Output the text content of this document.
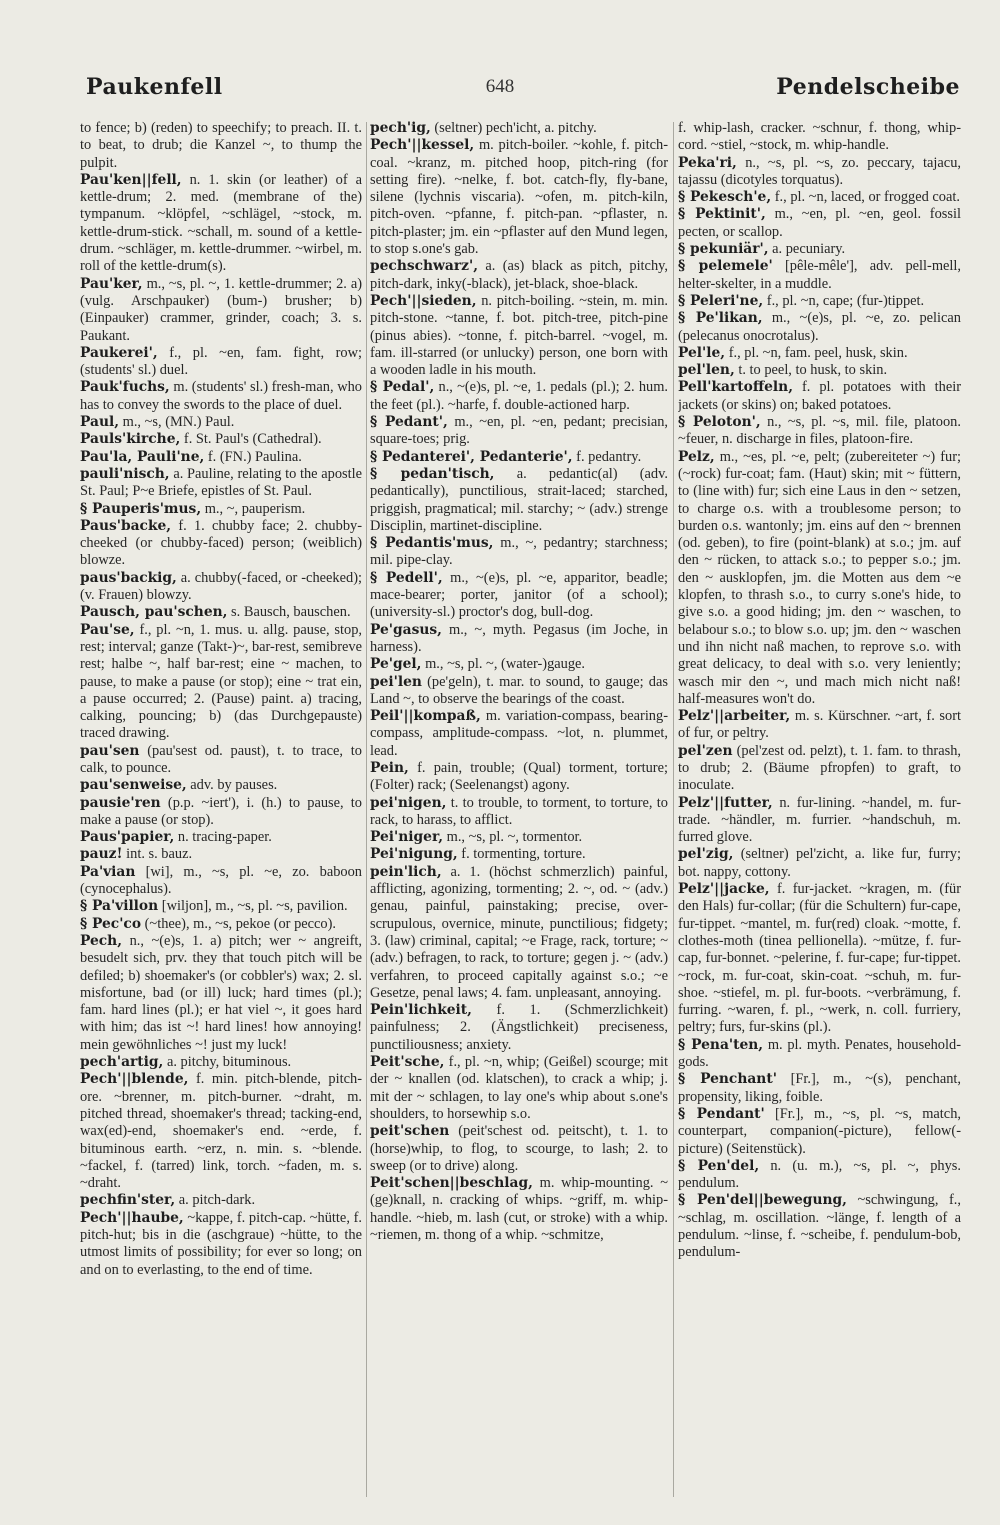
Paukenfell	648	Pendelscheibe

to fence; b) (reden) to speechify; to preach. II. t. to beat, to drub; die Kanzel ~, to thump the pulpit.

Pau'ken||fell, n. 1. skin (or leather) of a kettle-drum; 2. med. (membrane of the) tympanum. ~klöpfel, ~schlägel, ~stock, m. kettle-drum-stick. ~schall, m. sound of a kettle-drum. ~schläger, m. kettle-drummer. ~wirbel, m. roll of the kettle-drum(s).

Pau'ker, m., ~s, pl. ~, 1. kettle-drummer; 2. a) (vulg. Arschpauker) (bum-) brusher; b) (Einpauker) crammer, grinder, coach; 3. s. Paukant.

Paukerei', f., pl. ~en, fam. fight, row; (students' sl.) duel.

Pauk'fuchs, m. (students' sl.) fresh-man, who has to convey the swords to the place of duel.

Paul, m., ~s, (MN.) Paul.

Pauls'kirche, f. St. Paul's (Cathedral).

Pau'la, Pauli'ne, f. (FN.) Paulina.

pauli'nisch, a. Pauline, relating to the apostle St. Paul; P~e Briefe, epistles of St. Paul.

§ Pauperis'mus, m., ~, pauperism.

Paus'backe, f. 1. chubby face; 2. chubby-cheeked (or chubby-faced) person; (weiblich) blowze.

paus'backig, a. chubby(-faced, or -cheeked); (v. Frauen) blowzy.

Pausch, pau'schen, s. Bausch, bauschen.

Pau'se, f., pl. ~n, 1. mus. u. allg. pause, stop, rest; interval; ganze (Takt-)~, bar-rest, semibreve rest; halbe ~, half bar-rest; eine ~ machen, to pause, to make a pause (or stop); eine ~ trat ein, a pause occurred; 2. (Pause) paint. a) tracing, calking, pouncing; b) (das Durchgepauste) traced drawing.

pau'sen (pau'sest od. paust), t. to trace, to calk, to pounce.

pau'senweise, adv. by pauses.

pausie'ren (p.p. ~iert'), i. (h.) to pause, to make a pause (or stop).

Paus'papier, n. tracing-paper.

pauz! int. s. bauz.

Pa'vian [wi], m., ~s, pl. ~e, zo. baboon (cynocephalus).

§ Pa'villon [wiljon], m., ~s, pl. ~s, pavilion.

§ Pec'co (~thee), m., ~s, pekoe (or pecco).

Pech, n., ~(e)s, 1. a) pitch; wer ~ angreift, besudelt sich, prv. they that touch pitch will be defiled; b) shoemaker's (or cobbler's) wax; 2. sl. misfortune, bad (or ill) luck; hard times (pl.); fam. hard lines (pl.); er hat viel ~, it goes hard with him; das ist ~! hard lines! how annoying! mein gewöhnliches ~! just my luck!

pech'artig, a. pitchy, bituminous.

Pech'||blende, f. min. pitch-blende, pitch-ore. ~brenner, m. pitch-burner. ~draht, m. pitched thread, shoemaker's thread; tacking-end, wax(ed)-end, shoemaker's end. ~erde, f. bituminous earth. ~erz, n. min. s. ~blende. ~fackel, f. (tarred) link, torch. ~faden, m. s. ~draht.

pechfin'ster, a. pitch-dark.

Pech'||haube, ~kappe, f. pitch-cap. ~hütte, f. pitch-hut; bis in die (aschgraue) ~hütte, to the utmost limits of possibility; for ever so long; on and on to everlasting, to the end of time.

pech'ig, (seltner) pech'icht, a. pitchy.

Pech'||kessel, m. pitch-boiler. ~kohle, f. pitch-coal. ~kranz, m. pitched hoop, pitch-ring (for setting fire). ~nelke, f. bot. catch-fly, fly-bane, silene (lychnis viscaria). ~ofen, m. pitch-kiln, pitch-oven. ~pfanne, f. pitch-pan. ~pflaster, n. pitch-plaster; jm. ein ~pflaster auf den Mund legen, to stop s.one's gab.

pechschwarz', a. (as) black as pitch, pitchy, pitch-dark, inky(-black), jet-black, shoe-black.

Pech'||sieden, n. pitch-boiling. ~stein, m. min. pitch-stone. ~tanne, f. bot. pitch-tree, pitch-pine (pinus abies). ~tonne, f. pitch-barrel. ~vogel, m. fam. ill-starred (or unlucky) person, one born with a wooden ladle in his mouth.

§ Pedal', n., ~(e)s, pl. ~e, 1. pedals (pl.); 2. hum. the feet (pl.). ~harfe, f. double-actioned harp.

§ Pedant', m., ~en, pl. ~en, pedant; precisian, square-toes; prig.

§ Pedanterei', Pedanterie', f. pedantry.

§ pedan'tisch, a. pedantic(al) (adv. pedantically), punctilious, strait-laced; starched, priggish, pragmatical; mil. starchy; ~ (adv.) strenge Disciplin, martinet-discipline.

§ Pedantis'mus, m., ~, pedantry; starchness; mil. pipe-clay.

§ Pedell', m., ~(e)s, pl. ~e, apparitor, beadle; mace-bearer; porter, janitor (of a school); (university-sl.) proctor's dog, bull-dog.

Pe'gasus, m., ~, myth. Pegasus (im Joche, in harness).

Pe'gel, m., ~s, pl. ~, (water-)gauge.

pei'len (pe'geln), t. mar. to sound, to gauge; das Land ~, to observe the bearings of the coast.

Peil'||kompaß, m. variation-compass, bearing-compass, amplitude-compass. ~lot, n. plummet, lead.

Pein, f. pain, trouble; (Qual) torment, torture; (Folter) rack; (Seelenangst) agony.

pei'nigen, t. to trouble, to torment, to torture, to rack, to harass, to afflict.

Pei'niger, m., ~s, pl. ~, tormentor.

Pei'nigung, f. tormenting, torture.

pein'lich, a. 1. (höchst schmerzlich) painful, afflicting, agonizing, tormenting; 2. ~, od. ~ (adv.) genau, painful, painstaking; precise, over-scrupulous, overnice, minute, punctilious; fidgety; 3. (law) criminal, capital; ~e Frage, rack, torture; ~ (adv.) befragen, to rack, to torture; gegen j. ~ (adv.) verfahren, to proceed capitally against s.o.; ~e Gesetze, penal laws; 4. fam. unpleasant, annoying.

Pein'lichkeit, f. 1. (Schmerzlichkeit) painfulness; 2. (Ängstlichkeit) preciseness, punctiliousness; anxiety.

Peit'sche, f., pl. ~n, whip; (Geißel) scourge; mit der ~ knallen (od. klatschen), to crack a whip; j. mit der ~ schlagen, to lay one's whip about s.one's shoulders, to horsewhip s.o.

peit'schen (peit'schest od. peitscht), t. 1. to (horse)whip, to flog, to scourge, to lash; 2. to sweep (or to drive) along.

Peit'schen||beschlag, m. whip-mounting. ~(ge)knall, n. cracking of whips. ~griff, m. whip-handle. ~hieb, m. lash (cut, or stroke) with a whip. ~riemen, m. thong of a whip. ~schmitze,

f. whip-lash, cracker. ~schnur, f. thong, whip-cord. ~stiel, ~stock, m. whip-handle.

Peka'ri, n., ~s, pl. ~s, zo. peccary, tajacu, tajassu (dicotyles torquatus).

§ Pekesch'e, f., pl. ~n, laced, or frogged coat.

§ Pektinit', m., ~en, pl. ~en, geol. fossil pecten, or scallop.

§ pekuniär', a. pecuniary.

§ pelemele' [pêle-mêle'], adv. pell-mell, helter-skelter, in a muddle.

§ Peleri'ne, f., pl. ~n, cape; (fur-)tippet.

§ Pe'likan, m., ~(e)s, pl. ~e, zo. pelican (pelecanus onocrotalus).

Pel'le, f., pl. ~n, fam. peel, husk, skin.

pel'len, t. to peel, to husk, to skin.

Pell'kartoffeln, f. pl. potatoes with their jackets (or skins) on; baked potatoes.

§ Peloton', n., ~s, pl. ~s, mil. file, platoon. ~feuer, n. discharge in files, platoon-fire.

Pelz, m., ~es, pl. ~e, pelt; (zubereiteter ~) fur; (~rock) fur-coat; fam. (Haut) skin; mit ~ füttern, to (line with) fur; sich eine Laus in den ~ setzen, to charge o.s. with a troublesome person; to burden o.s. wantonly; jm. eins auf den ~ brennen (od. geben), to fire (point-blank) at s.o.; jm. auf den ~ rücken, to attack s.o.; to pepper s.o.; jm. den ~ ausklopfen, jm. die Motten aus dem ~e klopfen, to thrash s.o., to curry s.one's hide, to give s.o. a good hiding; jm. den ~ waschen, to belabour s.o.; to blow s.o. up; jm. den ~ waschen und ihn nicht naß machen, to reprove s.o. with great delicacy, to deal with s.o. very leniently; wasch mir den ~, und mach mich nicht naß! half-measures won't do.

Pelz'||arbeiter, m. s. Kürschner. ~art, f. sort of fur, or peltry.

pel'zen (pel'zest od. pelzt), t. 1. fam. to thrash, to drub; 2. (Bäume pfropfen) to graft, to inoculate.

Pelz'||futter, n. fur-lining. ~handel, m. fur-trade. ~händler, m. furrier. ~handschuh, m. furred glove.

pel'zig, (seltner) pel'zicht, a. like fur, furry; bot. nappy, cottony.

Pelz'||jacke, f. fur-jacket. ~kragen, m. (für den Hals) fur-collar; (für die Schultern) fur-cape, fur-tippet. ~mantel, m. fur(red) cloak. ~motte, f. clothes-moth (tinea pellionella). ~mütze, f. fur-cap, fur-bonnet. ~pelerine, f. fur-cape; fur-tippet. ~rock, m. fur-coat, skin-coat. ~schuh, m. fur-shoe. ~stiefel, m. pl. fur-boots. ~verbrämung, f. furring. ~waren, f. pl., ~werk, n. coll. furriery, peltry; furs, fur-skins (pl.).

§ Pena'ten, m. pl. myth. Penates, household-gods.

§ Penchant' [Fr.], m., ~(s), penchant, propensity, liking, foible.

§ Pendant' [Fr.], m., ~s, pl. ~s, match, counterpart, companion(-picture), fellow(-picture) (Seitenstück).

§ Pen'del, n. (u. m.), ~s, pl. ~, phys. pendulum.

§ Pen'del||bewegung, ~schwingung, f., ~schlag, m. oscillation. ~länge, f. length of a pendulum. ~linse, f. ~scheibe, f. pendulum-bob, pendulum-
